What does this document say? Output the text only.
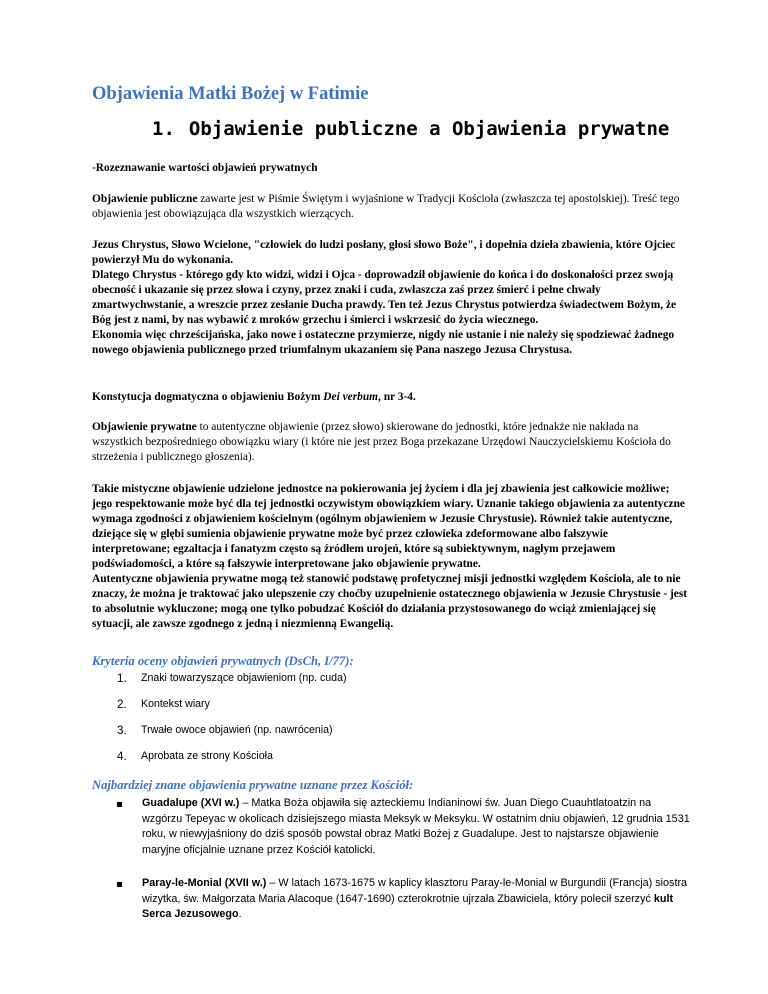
Objawienia Matki Bożej w Fatimie
1. Objawienie publiczne a Objawienia prywatne
-Rozeznawanie wartości objawień prywatnych

Objawienie publiczne zawarte jest w Piśmie Świętym i wyjaśnione w Tradycji Kościoła (zwłaszcza tej apostolskiej). Treść tego objawienia jest obowiązująca dla wszystkich wierzących.

Jezus Chrystus, Słowo Wcielone, "człowiek do ludzi posłany, głosi słowo Boże", i dopełnia dzieła zbawienia, które Ojciec powierzył Mu do wykonania.
Dlatego Chrystus - którego gdy kto widzi, widzi i Ojca - doprowadził objawienie do końca i do doskonałości przez swoją obecność i ukazanie się przez słowa i czyny, przez znaki i cuda, zwłaszcza zaś przez śmierć i pełne chwały zmartwychwstanie, a wreszcie przez zesłanie Ducha prawdy. Ten też Jezus Chrystus potwierdza świadectwem Bożym, że Bóg jest z nami, by nas wybawić z mroków grzechu i śmierci i wskrzesić do życia wiecznego.
Ekonomia więc chrześcijańska, jako nowe i ostateczne przymierze, nigdy nie ustanie i nie należy się spodziewać żadnego nowego objawienia publicznego przed triumfalnym ukazaniem się Pana naszego Jezusa Chrystusa.

Konstytucja dogmatyczna o objawieniu Bożym Dei verbum, nr 3-4.

Objawienie prywatne to autentyczne objawienie (przez słowo) skierowane do jednostki, które jednakże nie nakłada na wszystkich bezpośredniego obowiązku wiary (i które nie jest przez Boga przekazane Urzędowi Nauczycielskiemu Kościoła do strzeżenia i publicznego głoszenia).

Takie mistyczne objawienie udzielone jednostce na pokierowania jej życiem i dla jej zbawienia jest całkowicie możliwe; jego respektowanie może być dla tej jednostki oczywistym obowiązkiem wiary. Uznanie takiego objawienia za autentyczne wymaga zgodności z objawieniem kościelnym (ogólnym objawieniem w Jezusie Chrystusie). Również takie autentyczne, dziejące się w głębi sumienia objawienie prywatne może być przez człowieka zdeformowane albo fałszywie interpretowane; egzaltacja i fanatyzm często są źródłem urojeń, które są subiektywnym, nagłym przejawem podświadomości, a które są fałszywie interpretowane jako objawienie prywatne.
Autentyczne objawienia prywatne mogą też stanowić podstawę profetycznej misji jednostki względem Kościoła, ale to nie znaczy, że można je traktować jako ulepszenie czy choćby uzupełnienie ostatecznego objawienia w Jezusie Chrystusie - jest to absolutnie wykluczone; mogą one tylko pobudzać Kościół do działania przystosowanego do wciąż zmieniającej się sytuacji, ale zawsze zgodnego z jedną i niezmienną Ewangelią.

Kryteria oceny objawień prywatnych (DsCh, I/77):
1.	Znaki towarzyszące objawieniom (np. cuda)
2.	Kontekst wiary
3.	Trwałe owoce objawień (np. nawrócenia)
4.	Aprobata ze strony Kościoła
Najbardziej znane objawienia prywatne uznane przez Kościół:
Guadalupe (XVI w.) – Matka Boża objawiła się azteckiemu Indianinowi św. Juan Diego Cuauhtlatoatzin na wzgórzu Tepeyac w okolicach dzisiejszego miasta Meksyk w Meksyku. W ostatnim dniu objawień, 12 grudnia 1531 roku, w niewyjaśniony do dziś sposób powstał obraz Matki Bożej z Guadalupe. Jest to najstarsze objawienie maryjne oficjalnie uznane przez Kościół katolicki.
Paray-le-Monial (XVII w.) – W latach 1673-1675 w kaplicy klasztoru Paray-le-Monial w Burgundii (Francja) siostra wizytka, św. Małgorzata Maria Alacoque (1647-1690) czterokrotnie ujrzała Zbawiciela, który polecił szerzyć kult Serca Jezusowego.
